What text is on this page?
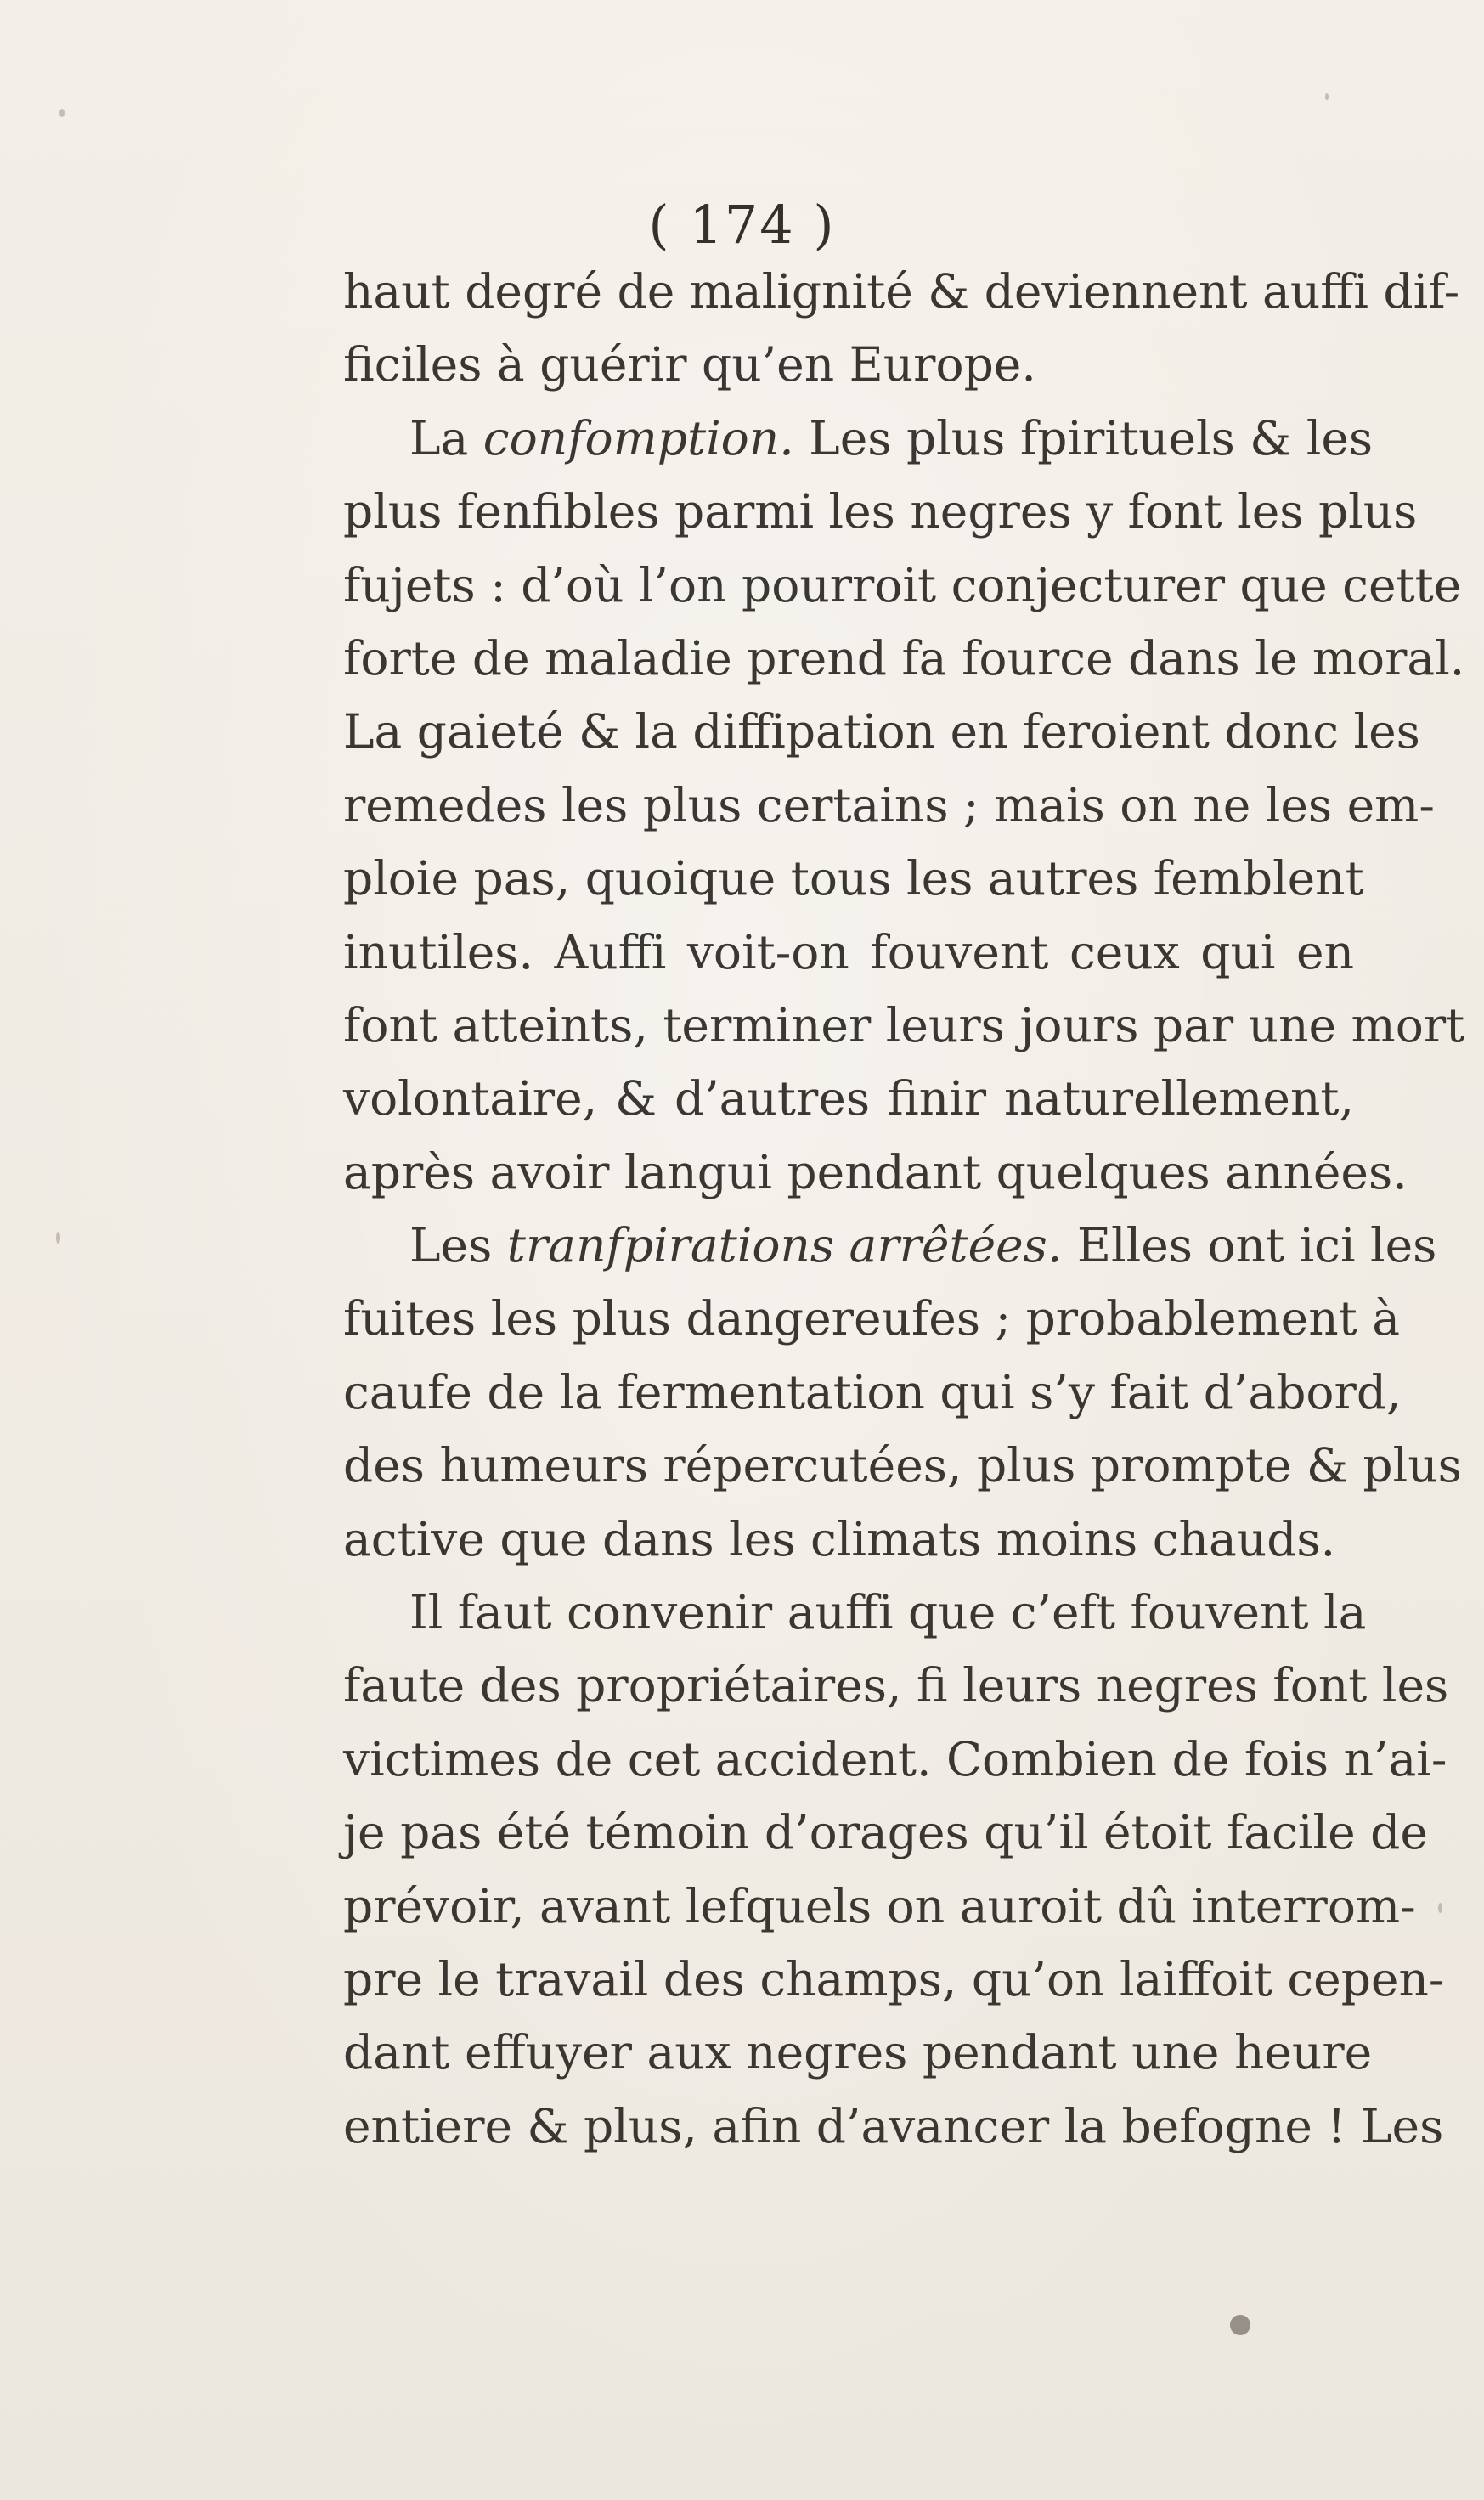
( 174 )
haut degré de malignité & deviennent auffi dif-
ficiles à guérir qu’en Europe.
La confomption. Les plus fpirituels & les
plus fenfibles parmi les negres y font les plus
fujets : d’où l’on pourroit conjecturer que cette
forte de maladie prend fa fource dans le moral.
La gaieté & la diffipation en feroient donc les
remedes les plus certains ; mais on ne les em-
ploie pas, quoique tous les autres femblent
inutiles. Auffi voit-on fouvent ceux qui en
font atteints, terminer leurs jours par une mort
volontaire, & d’autres finir naturellement,
après avoir langui pendant quelques années.
Les tranfpirations arrêtées. Elles ont ici les
fuites les plus dangereufes ; probablement à
caufe de la fermentation qui s’y fait d’abord,
des humeurs répercutées, plus prompte & plus
active que dans les climats moins chauds.
Il faut convenir auffi que c’eft fouvent la
faute des propriétaires, fi leurs negres font les
victimes de cet accident. Combien de fois n’ai-
je pas été témoin d’orages qu’il étoit facile de
prévoir, avant lefquels on auroit dû interrom-
pre le travail des champs, qu’on laiffoit cepen-
dant effuyer aux negres pendant une heure
entiere & plus, afin d’avancer la befogne ! Les
